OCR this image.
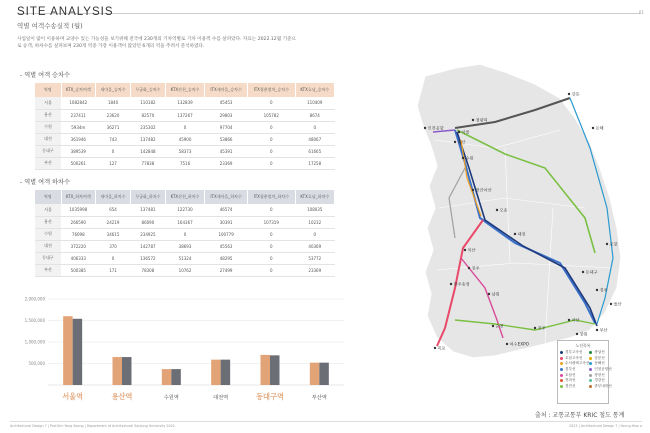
SITE ANALYSIS
역별 여객수송실적 (월)
01
사업일이 많이 이용하며 교양수 있는 가능성을 보기위해 전국에 230개의 기차역별로 기차 이용객 수를 살펴았다. 자료는 2022.12월 기준으로 승객, 하차수를 살펴보며 230개 역중 가장 이용객이 많았던 6개의 역을 추려서 분석하였다.
- 역별 여객 승차수
역명	KTX_승차여객	새마을_승차수	무궁화_승차수	KTX산천_승차수	ITX새마을_승차수	ITX청춘열차_승차수	KTX호남_승차수
서울	1082842	1840	110182	132839	45453	0	110409
용산	237411	23620	82570	137267	29803	105782	8674
수원	5934m	36271	235302	0	97704	0	0
대전	361946	743	137482	45900	53866	0	48067
동대구	389539	0	142848	58373	45391	0	61665
부산	500261	127	77838	7516	23369	0	17258
- 역별 여객 하차수
역명	KTX_하차여객	새마을_하차수	무궁화_하차수	KTX산천_하차수	ITX새마을_하차수	ITX청춘열차_하차수	KTX호남_하차수
서울	1035998	654	137481	122730	46574	0	108035
용산	266590	24219	86090	164367	30391	107319	10232
수원	76098	34615	234925	0	100779	0	0
대전	372220	370	142787	38693	45563	0	40369
동대구	406333	0	136572	51324	48295	0	53772
부산	500385	171	78308	10762	27499	0	23369
2,000,000
1,500,000
1,000,000
500,000
서울역	용산역	수원역	대전역	동대구역	부산역
서울
용산
수원
대전
동대구
부산
광주송정
목포
여수EXPO
강릉
인천공항
청량리
익산
천안아산
오송
포항
경주
울산
진주
순천
마산
창원
전주
남원
동해
노선목록
경부고속선
호남고속선
수서평택고속선
경부선
호남선
전라선
경전선
중앙선
강릉선
동해선
인천공항선
장항선
경강선
중부내륙선
출처 : 교통교통부 KRIC 철도 통계
Architectural Design 7 | Prof.Kim Yong Seong | Department of Architectural Sanjung University 2024	2023 | Architectural Design 7 | Young-Hwa o
